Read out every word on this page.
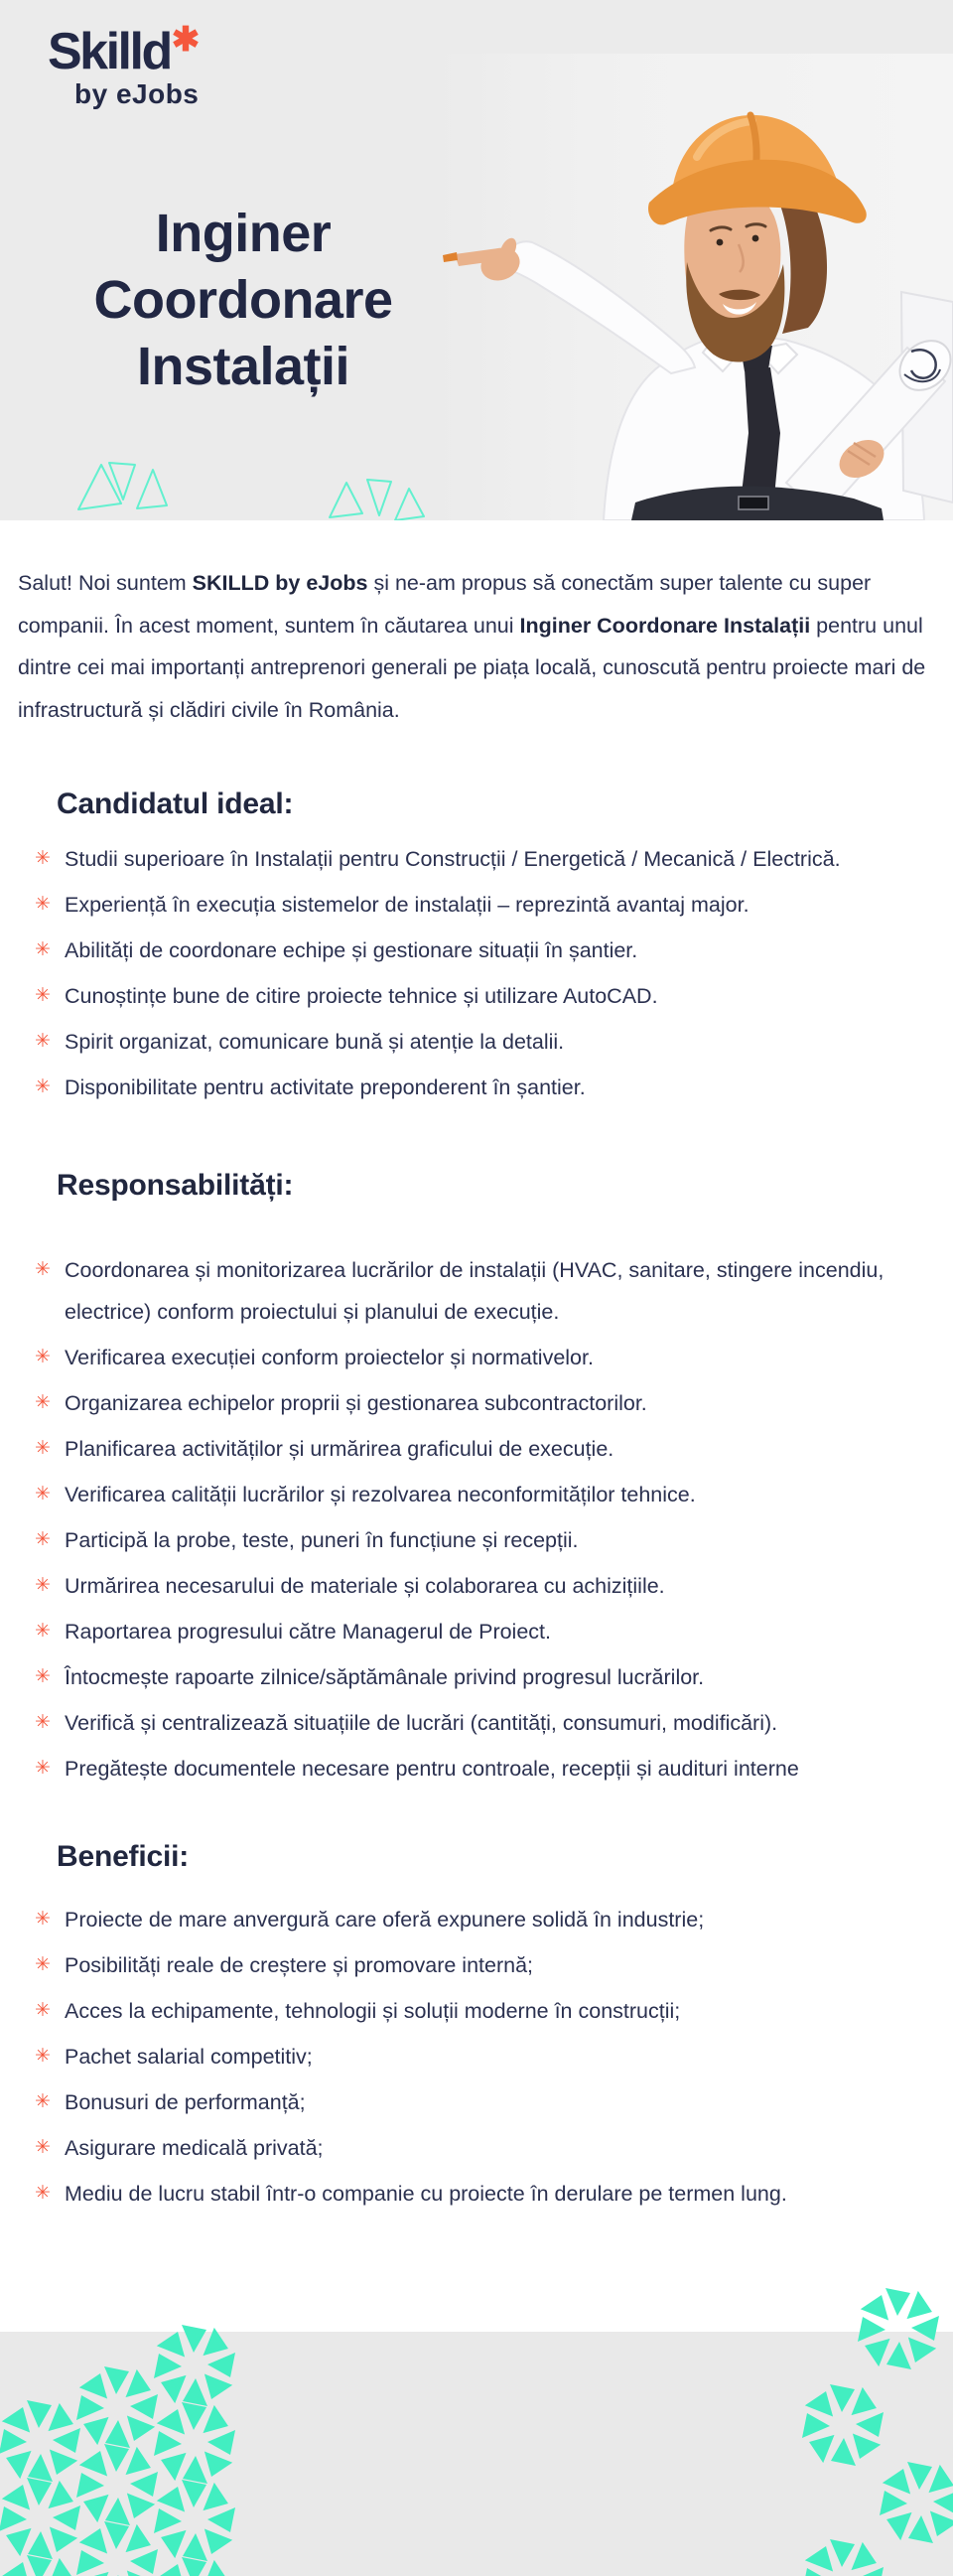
Skilld✱
by eJobs
Inginer
Coordonare
Instalații

Salut! Noi suntem SKILLD by eJobs și ne-am propus să conectăm super talente cu super companii. În acest moment, suntem în căutarea unui Inginer Coordonare Instalații pentru unul dintre cei mai importanți antreprenori generali pe piața locală, cunoscută pentru proiecte mari de infrastructură și clădiri civile în România.

Candidatul ideal:
✳ Studii superioare în Instalații pentru Construcții / Energetică / Mecanică / Electrică.
✳ Experiență în execuția sistemelor de instalații – reprezintă avantaj major.
✳ Abilități de coordonare echipe și gestionare situații în șantier.
✳ Cunoștințe bune de citire proiecte tehnice și utilizare AutoCAD.
✳ Spirit organizat, comunicare bună și atenție la detalii.
✳ Disponibilitate pentru activitate preponderent în șantier.
Responsabilități:
✳ Coordonarea și monitorizarea lucrărilor de instalații (HVAC, sanitare, stingere incendiu, electrice) conform proiectului și planului de execuție.
✳ Verificarea execuției conform proiectelor și normativelor.
✳ Organizarea echipelor proprii și gestionarea subcontractorilor.
✳ Planificarea activităților și urmărirea graficului de execuție.
✳ Verificarea calității lucrărilor și rezolvarea neconformităților tehnice.
✳ Participă la probe, teste, puneri în funcțiune și recepții.
✳ Urmărirea necesarului de materiale și colaborarea cu achizițiile.
✳ Raportarea progresului către Managerul de Proiect.
✳ Întocmește rapoarte zilnice/săptămânale privind progresul lucrărilor.
✳ Verifică și centralizează situațiile de lucrări (cantități, consumuri, modificări).
✳ Pregătește documentele necesare pentru controale, recepții și audituri interne
Beneficii:
✳ Proiecte de mare anvergură care oferă expunere solidă în industrie;
✳ Posibilități reale de creștere și promovare internă;
✳ Acces la echipamente, tehnologii și soluții moderne în construcții;
✳ Pachet salarial competitiv;
✳ Bonusuri de performanță;
✳ Asigurare medicală privată;
✳ Mediu de lucru stabil într-o companie cu proiecte în derulare pe termen lung.
